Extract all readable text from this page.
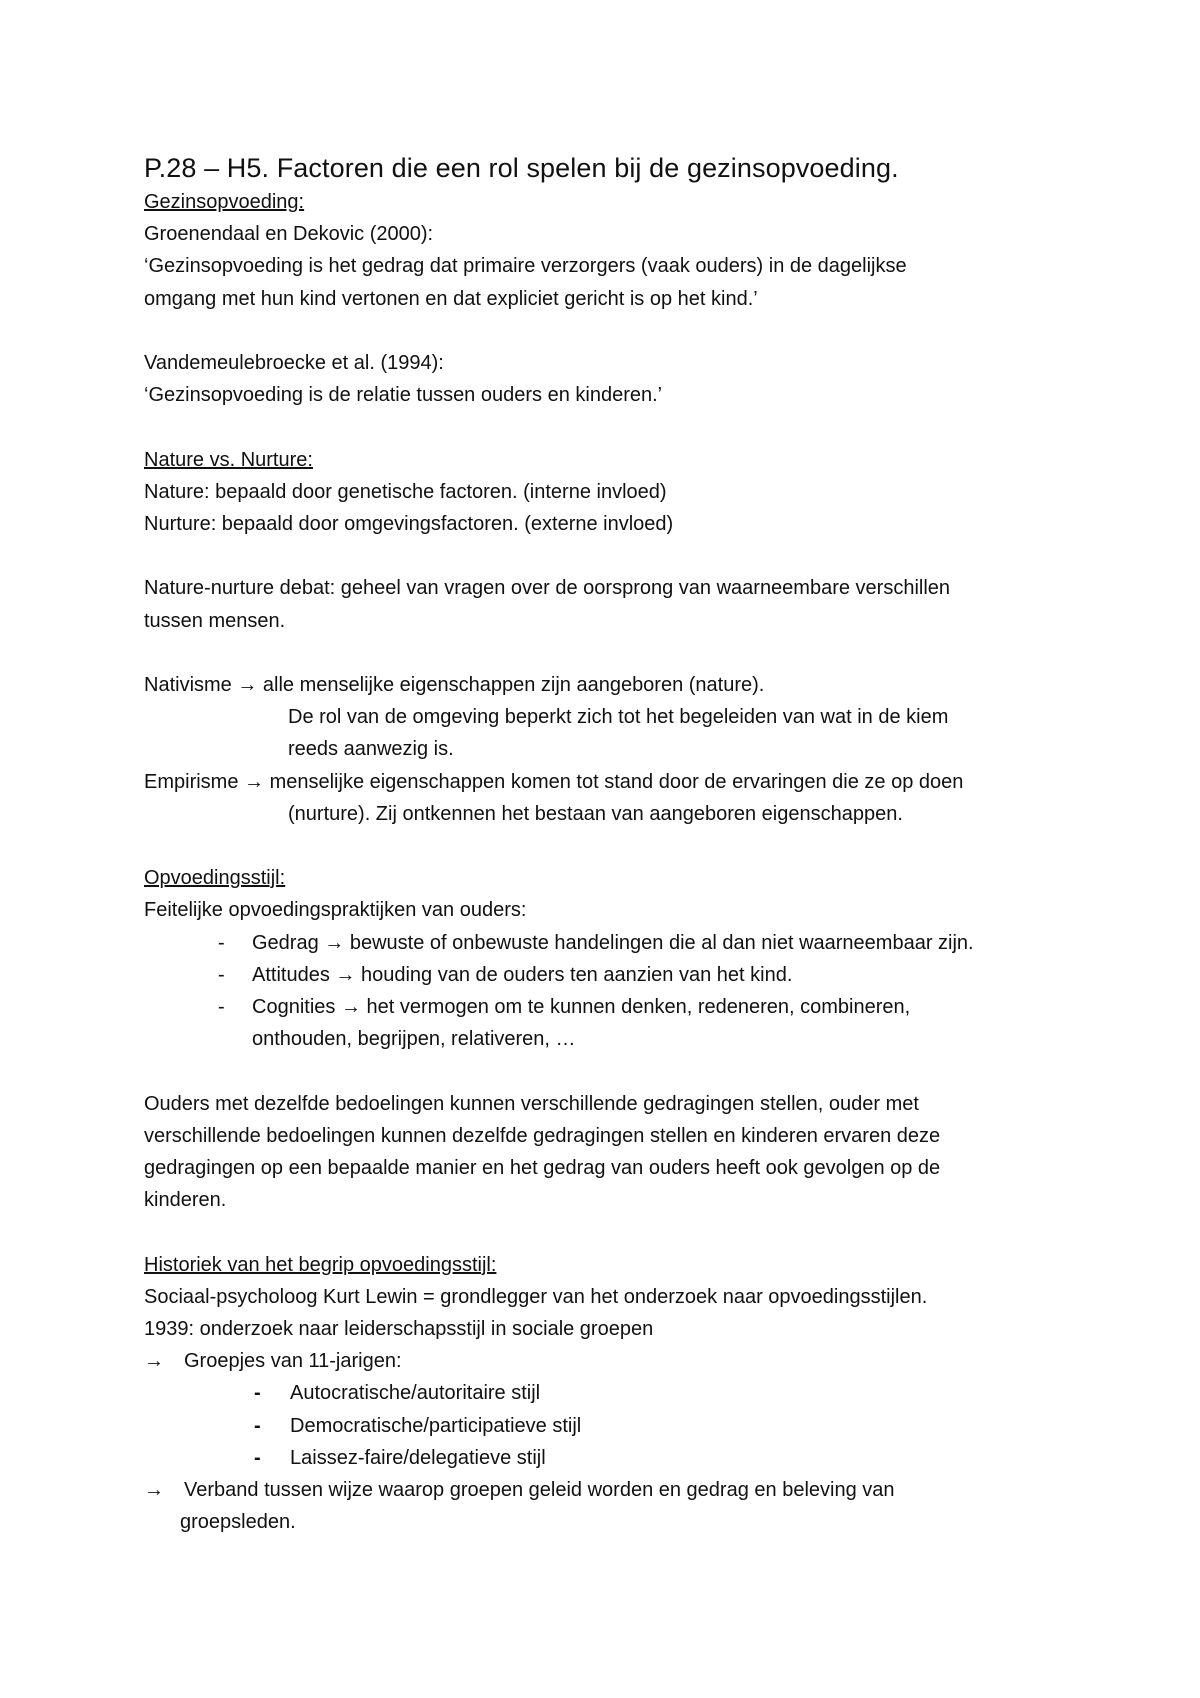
P.28 – H5. Factoren die een rol spelen bij de gezinsopvoeding.

Gezinsopvoeding:

Groenendaal en Dekovic (2000):

‘Gezinsopvoeding is het gedrag dat primaire verzorgers (vaak ouders) in de dagelijkse

omgang met hun kind vertonen en dat expliciet gericht is op het kind.’

Vandemeulebroecke et al. (1994):

‘Gezinsopvoeding is de relatie tussen ouders en kinderen.’

Nature vs. Nurture:

Nature: bepaald door genetische factoren. (interne invloed)

Nurture: bepaald door omgevingsfactoren. (externe invloed)

Nature-nurture debat: geheel van vragen over de oorsprong van waarneembare verschillen

tussen mensen.

Nativisme → alle menselijke eigenschappen zijn aangeboren (nature).

De rol van de omgeving beperkt zich tot het begeleiden van wat in de kiem

reeds aanwezig is.

Empirisme → menselijke eigenschappen komen tot stand door de ervaringen die ze op doen

(nurture). Zij ontkennen het bestaan van aangeboren eigenschappen.

Opvoedingsstijl:

Feitelijke opvoedingspraktijken van ouders:

- Gedrag → bewuste of onbewuste handelingen die al dan niet waarneembaar zijn.

- Attitudes → houding van de ouders ten aanzien van het kind.

- Cognities → het vermogen om te kunnen denken, redeneren, combineren,

onthouden, begrijpen, relativeren, …

Ouders met dezelfde bedoelingen kunnen verschillende gedragingen stellen, ouder met

verschillende bedoelingen kunnen dezelfde gedragingen stellen en kinderen ervaren deze

gedragingen op een bepaalde manier en het gedrag van ouders heeft ook gevolgen op de

kinderen.

Historiek van het begrip opvoedingsstijl:

Sociaal-psycholoog Kurt Lewin = grondlegger van het onderzoek naar opvoedingsstijlen.

1939: onderzoek naar leiderschapsstijl in sociale groepen

→ Groepjes van 11-jarigen:

- Autocratische/autoritaire stijl

- Democratische/participatieve stijl

- Laissez-faire/delegatieve stijl

→ Verband tussen wijze waarop groepen geleid worden en gedrag en beleving van

groepsleden.
